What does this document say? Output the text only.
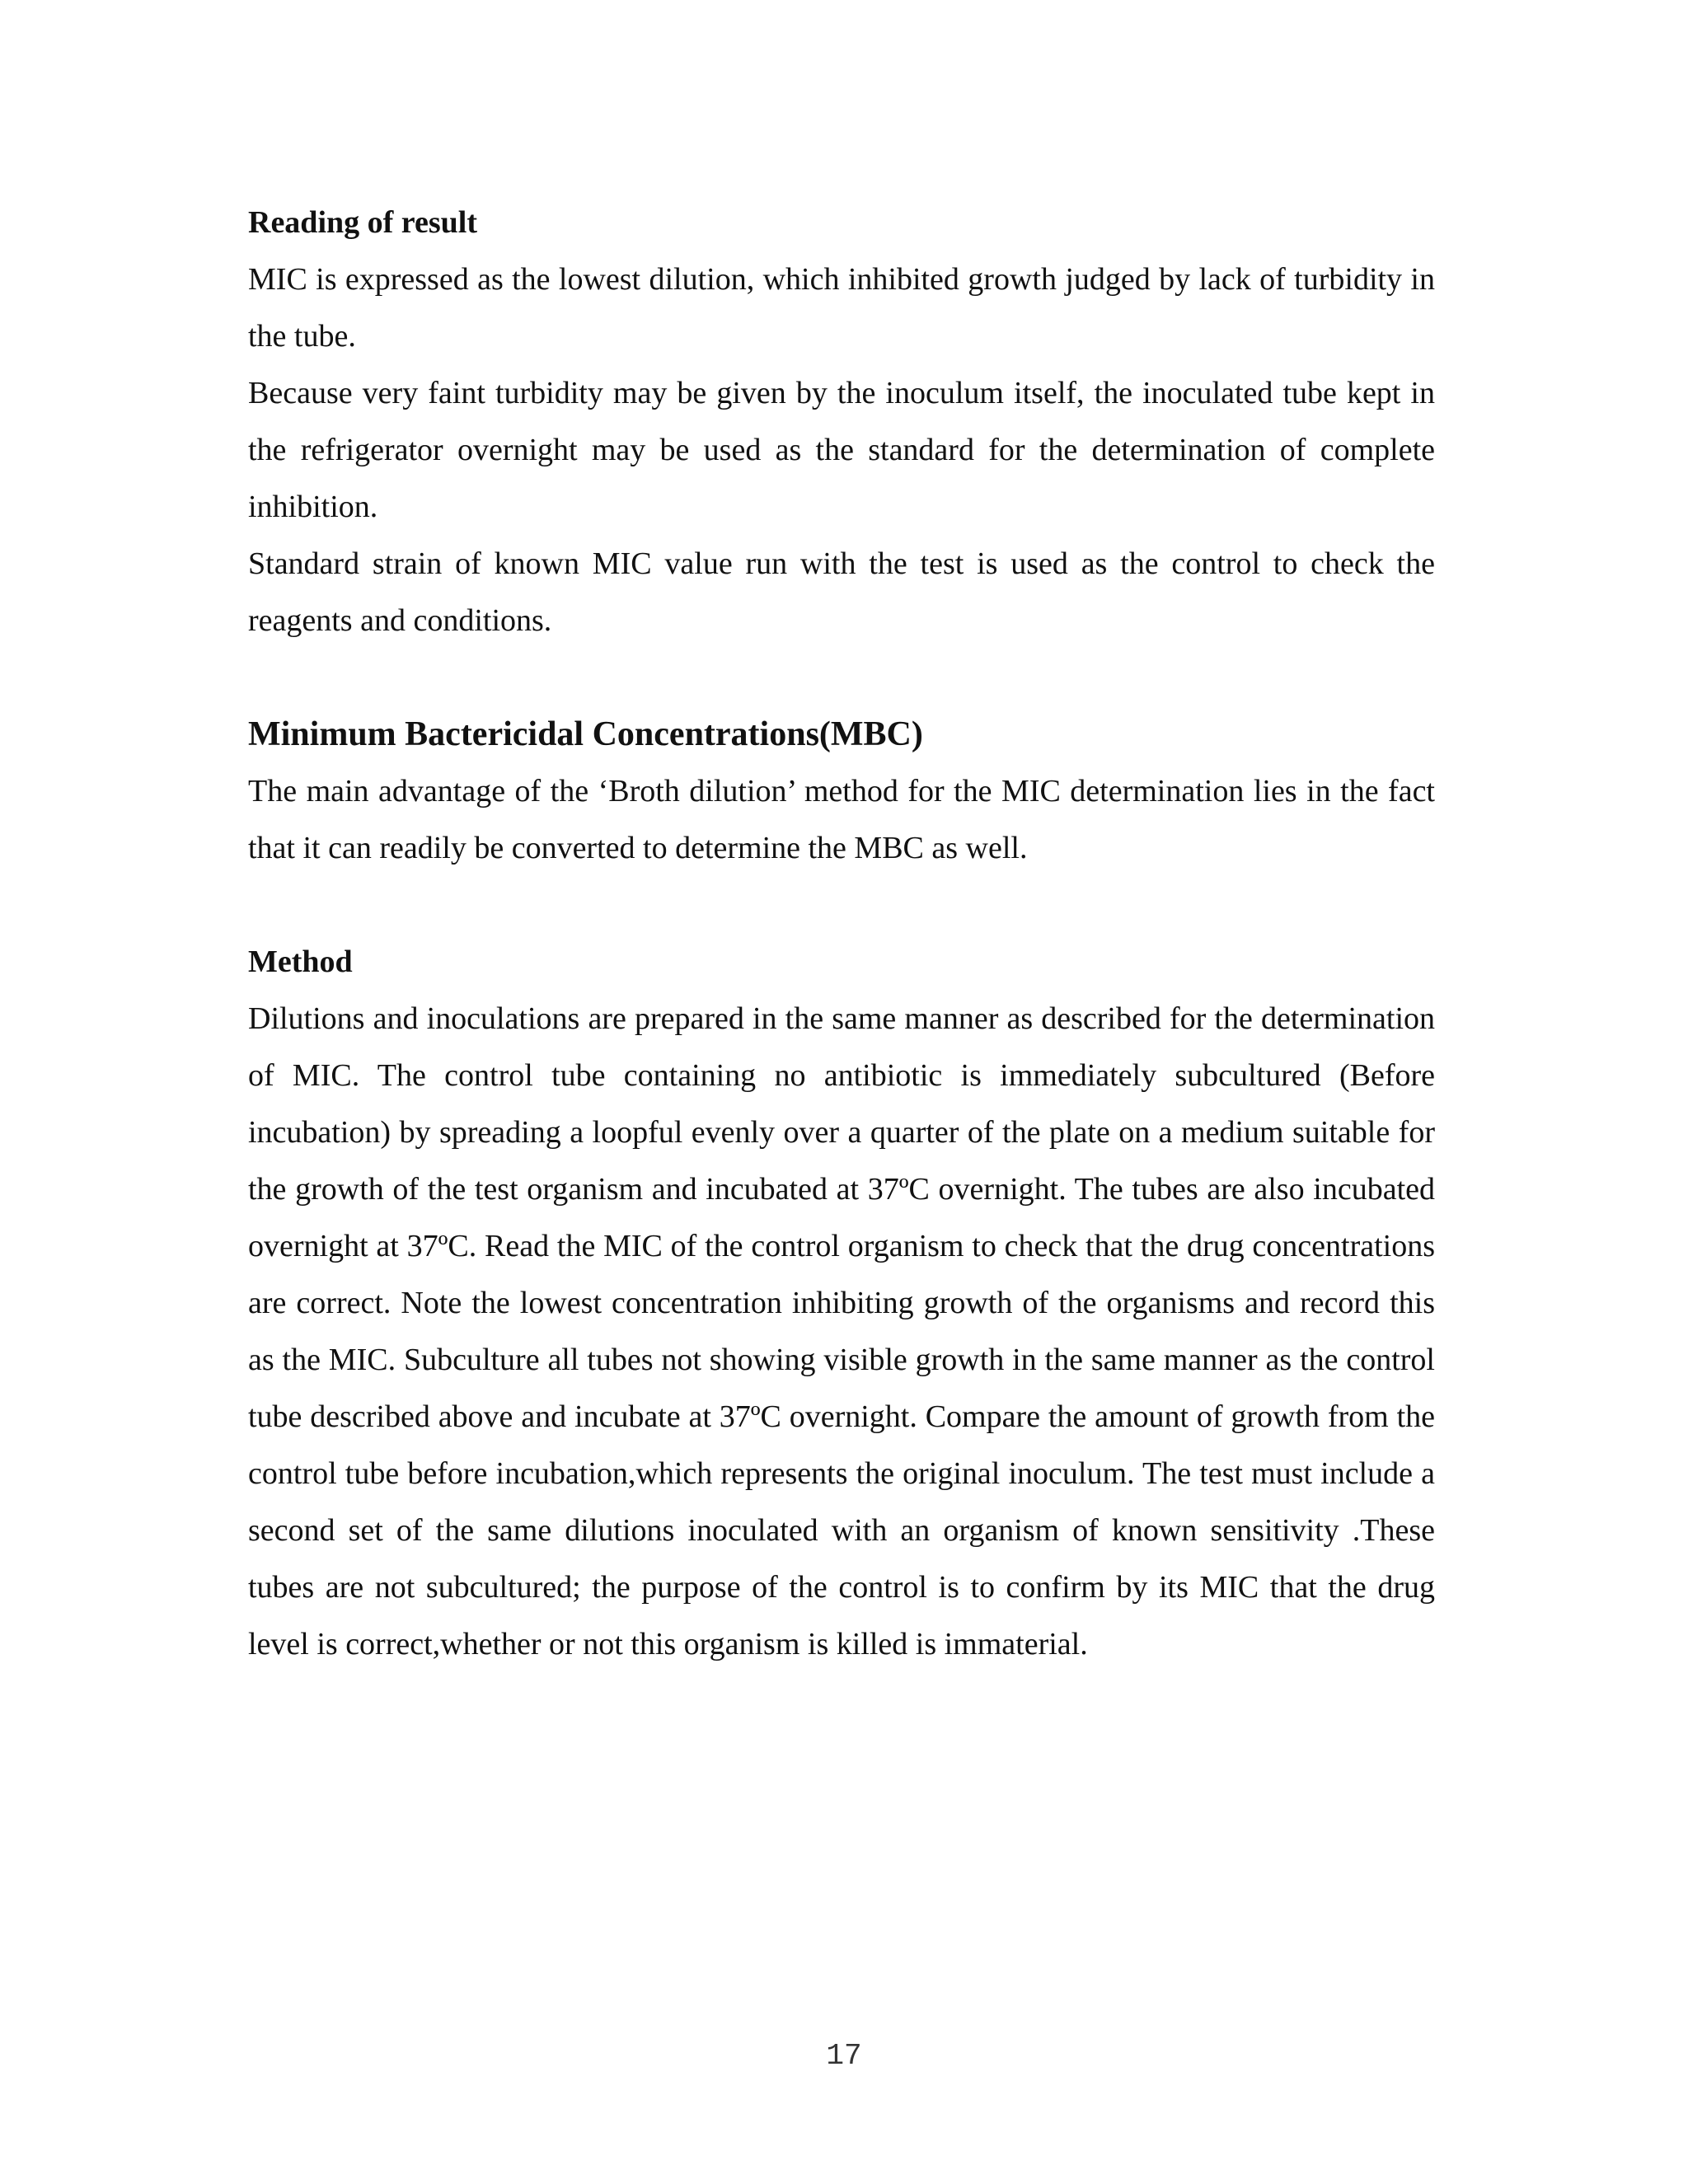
Reading of result

MIC is expressed as the lowest dilution, which inhibited growth judged by lack of turbidity in the tube.

Because very faint turbidity may be given by the inoculum itself, the inoculated tube kept in the refrigerator overnight may be used as the standard for the determination of complete inhibition.

Standard strain of known MIC value run with the test is used as the control to check the reagents and conditions.

Minimum Bactericidal Concentrations(MBC)

The main advantage of the ‘Broth dilution’ method for the MIC determination lies in the fact that it can readily be converted to determine the MBC as well.

Method

Dilutions and inoculations are prepared in the same manner as described for the determination of MIC. The control tube containing no antibiotic is immediately subcultured (Before incubation) by spreading a loopful evenly over a quarter of the plate on a medium suitable for the growth of the test organism and incubated at 37ºC overnight. The tubes are also incubated overnight at 37ºC. Read the MIC of the control organism to check that the drug concentrations are correct. Note the lowest concentration inhibiting growth of the organisms and record this as the MIC. Subculture all tubes not showing visible growth in the same manner as the control tube described above and incubate at 37ºC overnight. Compare the amount of growth from the control tube before incubation,which represents the original inoculum. The test must include a second set of the same dilutions inoculated with an organism of known sensitivity .These tubes are not subcultured; the purpose of the control is to confirm by its MIC that the drug level is correct,whether or not this organism is killed is immaterial.

17
